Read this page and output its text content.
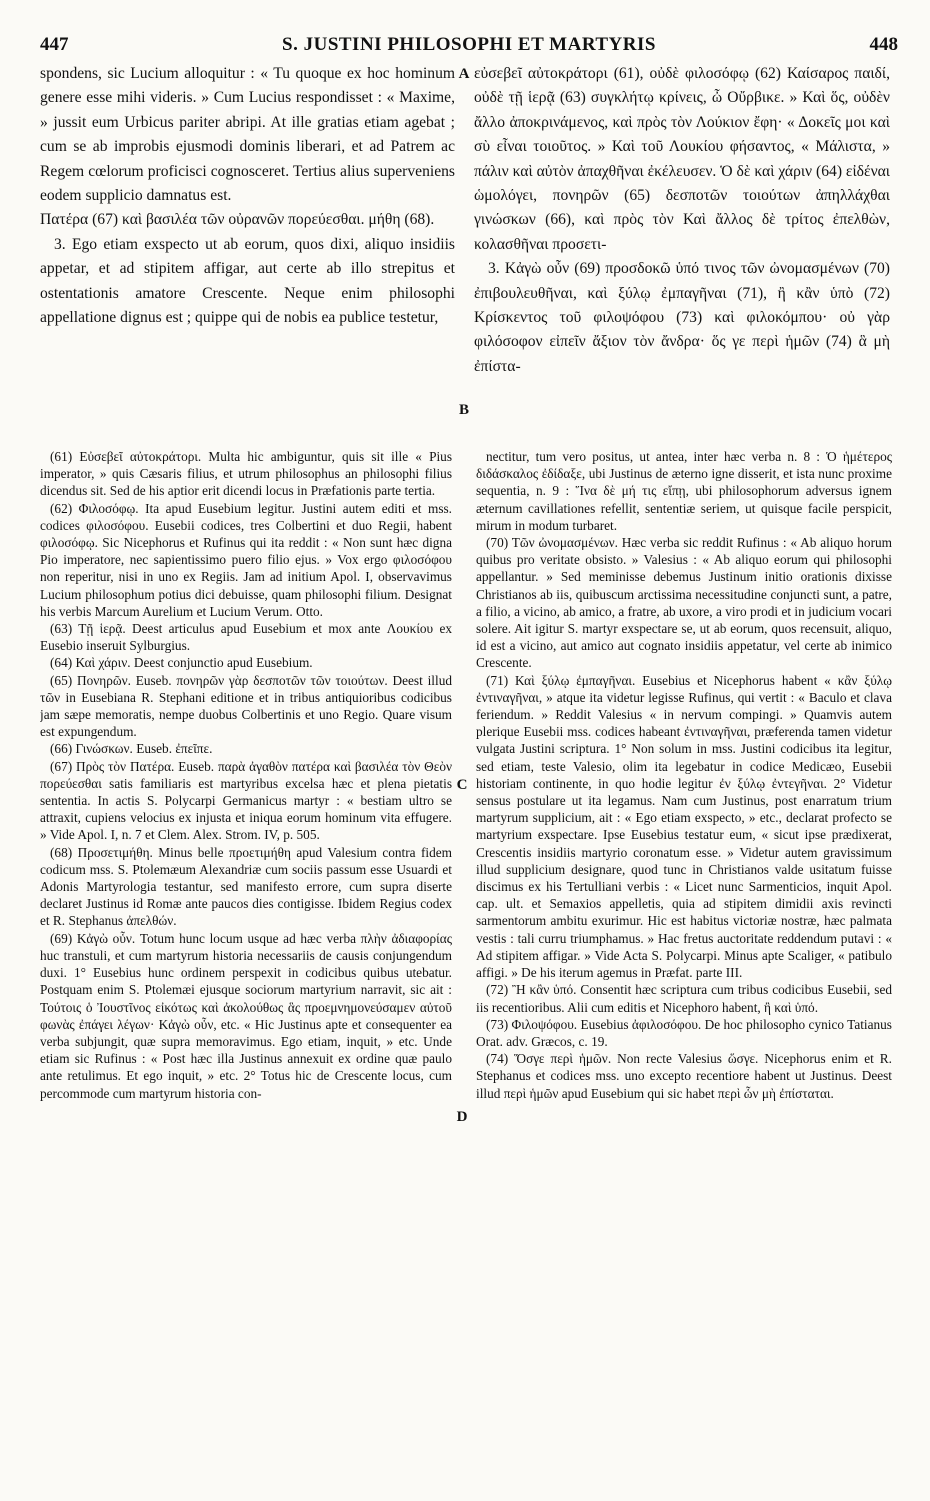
447	S. JUSTINI PHILOSOPHI ET MARTYRIS	448

spondens, sic Lucium alloquitur : « Tu quoque ex hoc hominum genere esse mihi videris. » Cum Lucius respondisset : « Maxime, » jussit eum Urbicus pariter abripi. At ille gratias etiam agebat ; cum se ab improbis ejusmodi dominis liberari, et ad Patrem ac Regem cœlorum proficisci cognosceret. Tertius alius superveniens eodem supplicio damnatus est.

Πατέρα (67) καὶ βασιλέα τῶν οὐρανῶν πορεύεσθαι. μήθη (68).

3. Ego etiam exspecto ut ab eorum, quos dixi, aliquo insidiis appetar, et ad stipitem affigar, aut certe ab illo strepitus et ostentationis amatore Crescente. Neque enim philosophi appellatione dignus est ; quippe qui de nobis ea publice testetur,

εὐσεβεῖ αὐτοκράτορι (61), οὐδὲ φιλοσόφῳ (62) Καίσαρος παιδί, οὐδὲ τῇ ἱερᾷ (63) συγκλήτῳ κρίνεις, ὦ Οὔρβικε. » Καὶ ὅς, οὐδὲν ἄλλο ἀποκρινάμενος, καὶ πρὸς τὸν Λούκιον ἔφη· « Δοκεῖς μοι καὶ σὺ εἶναι τοιοῦτος. » Καὶ τοῦ Λουκίου φήσαντος, « Μάλιστα, » πάλιν καὶ αὐτὸν ἀπαχθῆναι ἐκέλευσεν. Ὁ δὲ καὶ χάριν (64) εἰδέναι ὡμολόγει, πονηρῶν (65) δεσποτῶν τοιούτων ἀπηλλάχθαι γινώσκων (66), καὶ πρὸς τὸν Καὶ ἄλλος δὲ τρίτος ἐπελθὼν, κολασθῆναι προσετι-

3. Κἀγὼ οὖν (69) προσδοκῶ ὑπό τινος τῶν ὠνομασμένων (70) ἐπιβουλευθῆναι, καὶ ξύλῳ ἐμπαγῆναι (71), ἢ κἂν ὑπὸ (72) Κρίσκεντος τοῦ φιλοψόφου (73) καὶ φιλοκόμπου· οὐ γὰρ φιλόσοφον εἰπεῖν ἄξιον τὸν ἄνδρα· ὅς γε περὶ ἡμῶν (74) ἃ μὴ ἐπίστα-

A
B
C
D

(61) Εὐσεβεῖ αὐτοκράτορι. Multa hic ambiguntur, quis sit ille « Pius imperator, » quis Cæsaris filius, et utrum philosophus an philosophi filius dicendus sit. Sed de his aptior erit dicendi locus in Præfationis parte tertia.

(62) Φιλοσόφῳ. Ita apud Eusebium legitur. Justini autem editi et mss. codices φιλοσόφου. Eusebii codices, tres Colbertini et duo Regii, habent φιλοσόφῳ. Sic Nicephorus et Rufinus qui ita reddit : « Non sunt hæc digna Pio imperatore, nec sapientissimo puero filio ejus. » Vox ergo φιλοσόφου non reperitur, nisi in uno ex Regiis. Jam ad initium Apol. I, observavimus Lucium philosophum potius dici debuisse, quam philosophi filium. Designat his verbis Marcum Aurelium et Lucium Verum. Otto.

(63) Τῇ ἱερᾷ. Deest articulus apud Eusebium et mox ante Λουκίου ex Eusebio inseruit Sylburgius.

(64) Καὶ χάριν. Deest conjunctio apud Eusebium.

(65) Πονηρῶν. Euseb. πονηρῶν γὰρ δεσποτῶν τῶν τοιούτων. Deest illud τῶν in Eusebiana R. Stephani editione et in tribus antiquioribus codicibus jam sæpe memoratis, nempe duobus Colbertinis et uno Regio. Quare visum est expungendum.

(66) Γινώσκων. Euseb. ἐπεῖπε.

(67) Πρὸς τὸν Πατέρα. Euseb. παρὰ ἀγαθὸν πατέρα καὶ βασιλέα τὸν Θεὸν πορεύεσθαι satis familiaris est martyribus excelsa hæc et plena pietatis sententia. In actis S. Polycarpi Germanicus martyr : « bestiam ultro se attraxit, cupiens velocius ex injusta et iniqua eorum hominum vita effugere. » Vide Apol. I, n. 7 et Clem. Alex. Strom. IV, p. 505.

(68) Προσετιμήθη. Minus belle προετιμήθη apud Valesium contra fidem codicum mss. S. Ptolemæum Alexandriæ cum sociis passum esse Usuardi et Adonis Martyrologia testantur, sed manifesto errore, cum supra diserte declaret Justinus id Romæ ante paucos dies contigisse. Ibidem Regius codex et R. Stephanus ἀπελθών.

(69) Κἀγὼ οὖν. Totum hunc locum usque ad hæc verba πλὴν ἀδιαφορίας huc transtuli, et cum martyrum historia necessariis de causis conjungendum duxi. 1° Eusebius hunc ordinem perspexit in codicibus quibus utebatur. Postquam enim S. Ptolemæi ejusque sociorum martyrium narravit, sic ait : Τούτοις ὁ Ἰουστῖνος εἰκότως καὶ ἀκολούθως ἃς προεμνημονεύσαμεν αὐτοῦ φωνὰς ἐπάγει λέγων· Κἀγὼ οὖν, etc. « Hic Justinus apte et consequenter ea verba subjungit, quæ supra memoravimus. Ego etiam, inquit, » etc. Unde etiam sic Rufinus : « Post hæc illa Justinus annexuit ex ordine quæ paulo ante retulimus. Et ego inquit, » etc. 2° Totus hic de Crescente locus, cum percommode cum martyrum historia con-

nectitur, tum vero positus, ut antea, inter hæc verba n. 8 : Ὁ ἡμέτερος διδάσκαλος ἐδίδαξε, ubi Justinus de æterno igne disserit, et ista nunc proxime sequentia, n. 9 : Ἵνα δὲ μή τις εἴπῃ, ubi philosophorum adversus ignem æternum cavillationes refellit, sententiæ seriem, ut quisque facile perspicit, mirum in modum turbaret.

(70) Τῶν ὠνομασμένων. Hæc verba sic reddit Rufinus : « Ab aliquo horum quibus pro veritate obsisto. » Valesius : « Ab aliquo eorum qui philosophi appellantur. » Sed meminisse debemus Justinum initio orationis dixisse Christianos ab iis, quibuscum arctissima necessitudine conjuncti sunt, a patre, a filio, a vicino, ab amico, a fratre, ab uxore, a viro prodi et in judicium vocari solere. Ait igitur S. martyr exspectare se, ut ab eorum, quos recensuit, aliquo, id est a vicino, aut amico aut cognato insidiis appetatur, vel certe ab inimico Crescente.

(71) Καὶ ξύλῳ ἐμπαγῆναι. Eusebius et Nicephorus habent « κἂν ξύλῳ ἐντιναγῆναι, » atque ita videtur legisse Rufinus, qui vertit : « Baculo et clava feriendum. » Reddit Valesius « in nervum compingi. » Quamvis autem plerique Eusebii mss. codices habeant ἐντιναγῆναι, præferenda tamen videtur vulgata Justini scriptura. 1° Non solum in mss. Justini codicibus ita legitur, sed etiam, teste Valesio, olim ita legebatur in codice Medicæo, Eusebii historiam continente, in quo hodie legitur ἐν ξύλῳ ἐντεγῆναι. 2° Videtur sensus postulare ut ita legamus. Nam cum Justinus, post enarratum trium martyrum supplicium, ait : « Ego etiam exspecto, » etc., declarat profecto se martyrium exspectare. Ipse Eusebius testatur eum, « sicut ipse prædixerat, Crescentis insidiis martyrio coronatum esse. » Videtur autem gravissimum illud supplicium designare, quod tunc in Christianos valde usitatum fuisse discimus ex his Tertulliani verbis : « Licet nunc Sarmenticios, inquit Apol. cap. ult. et Semaxios appelletis, quia ad stipitem dimidii axis revincti sarmentorum ambitu exurimur. Hic est habitus victoriæ nostræ, hæc palmata vestis : tali curru triumphamus. » Hac fretus auctoritate reddendum putavi : « Ad stipitem affigar. » Vide Acta S. Polycarpi. Minus apte Scaliger, « patibulo affigi. » De his iterum agemus in Præfat. parte III.

(72) Ἢ κἂν ὑπό. Consentit hæc scriptura cum tribus codicibus Eusebii, sed iis recentioribus. Alii cum editis et Nicephoro habent, ἢ καὶ ὑπό.

(73) Φιλοψόφου. Eusebius ἀφιλοσόφου. De hoc philosopho cynico Tatianus Orat. adv. Græcos, c. 19.

(74) Ὅσγε περὶ ἡμῶν. Non recte Valesius ὥσγε. Nicephorus enim et R. Stephanus et codices mss. uno excepto recentiore habent ut Justinus. Deest illud περὶ ἡμῶν apud Eusebium qui sic habet περὶ ὧν μὴ ἐπίσταται.
